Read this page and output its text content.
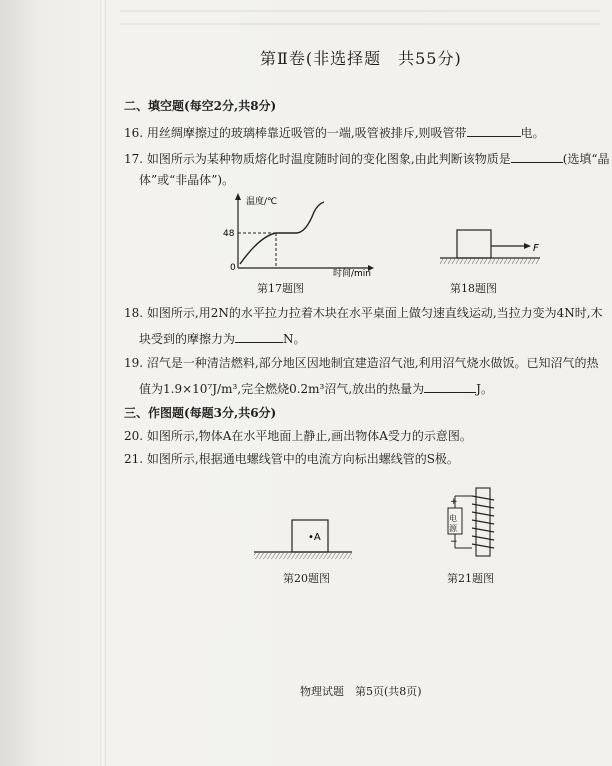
第Ⅱ卷(非选择题　共55分)
二、填空题(每空2分,共8分)
16. 用丝绸摩擦过的玻璃棒靠近吸管的一端,吸管被排斥,则吸管带	电。
17. 如图所示为某种物质熔化时温度随时间的变化图象,由此判断该物质是	(选填“晶
体”或“非晶体”)。
温度/℃
48
0
时间/min
第17题图
F
第18题图
18. 如图所示,用2N的水平拉力拉着木块在水平桌面上做匀速直线运动,当拉力变为4N时,木
块受到的摩擦力为	N。
19. 沼气是一种清洁燃料,部分地区因地制宜建造沼气池,利用沼气烧水做饭。已知沼气的热
值为1.9×10⁷J/m³,完全燃烧0.2m³沼气,放出的热量为	J。
三、作图题(每题3分,共6分)
20. 如图所示,物体A在水平地面上静止,画出物体A受力的示意图。
21. 如图所示,根据通电螺线管中的电流方向标出螺线管的S极。
•A
第20题图
+
−
电源
第21题图
物理试题　第5页(共8页)
